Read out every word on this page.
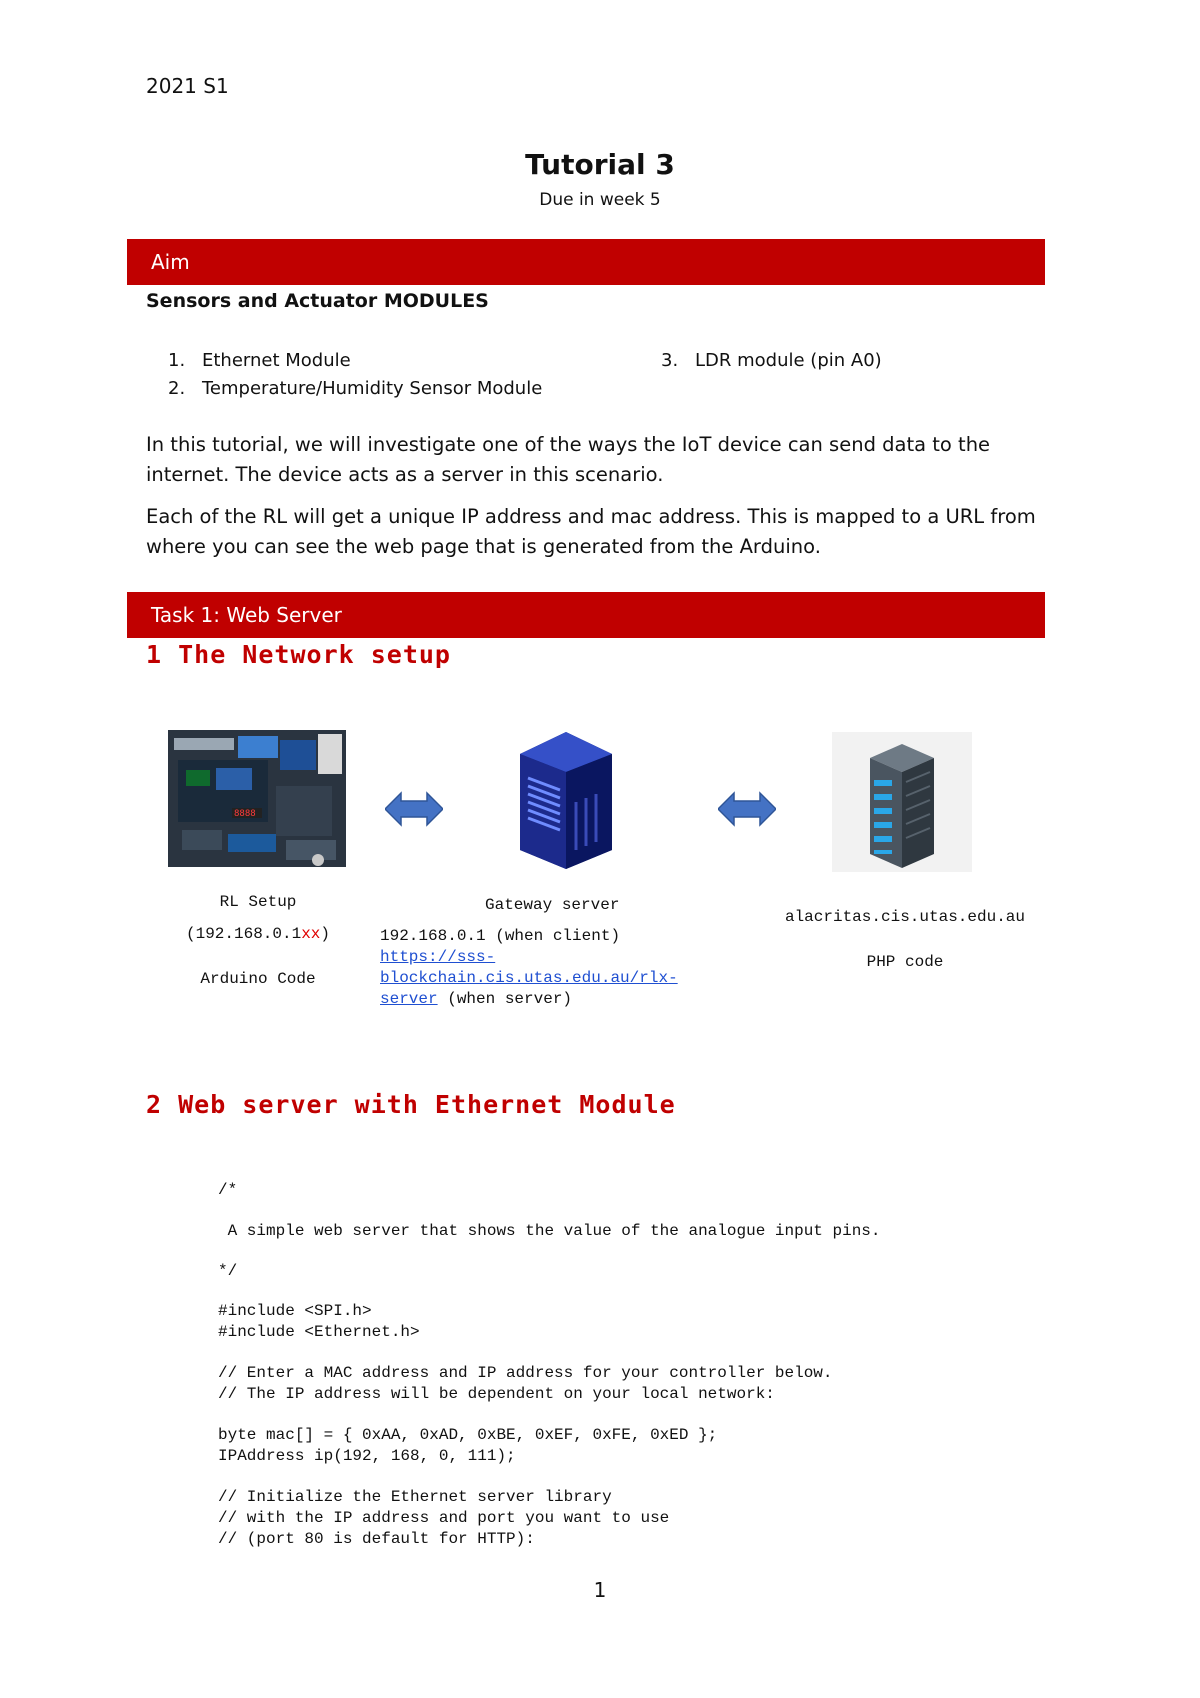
2021 S1
Tutorial 3
Due in week 5
Aim
Sensors and Actuator MODULES
1. Ethernet Module
2. Temperature/Humidity Sensor Module
3. LDR module (pin A0)
In this tutorial, we will investigate one of the ways the IoT device can send data to the internet. The device acts as a server in this scenario.
Each of the RL will get a unique IP address and mac address. This is mapped to a URL from where you can see the web page that is generated from the Arduino.
Task 1: Web Server
1 The Network setup
8888
RL Setup
(192.168.0.1xx)
Arduino Code
Gateway server
192.168.0.1 (when client)
https://sss-
blockchain.cis.utas.edu.au/rlx-
server (when server)
alacritas.cis.utas.edu.au
PHP code
2 Web server with Ethernet Module
/*
A simple web server that shows the value of the analogue input pins.
*/
#include <SPI.h>
#include <Ethernet.h>
// Enter a MAC address and IP address for your controller below.
// The IP address will be dependent on your local network:
byte mac[] = { 0xAA, 0xAD, 0xBE, 0xEF, 0xFE, 0xED };
IPAddress ip(192, 168, 0, 111);
// Initialize the Ethernet server library
// with the IP address and port you want to use
// (port 80 is default for HTTP):
1
